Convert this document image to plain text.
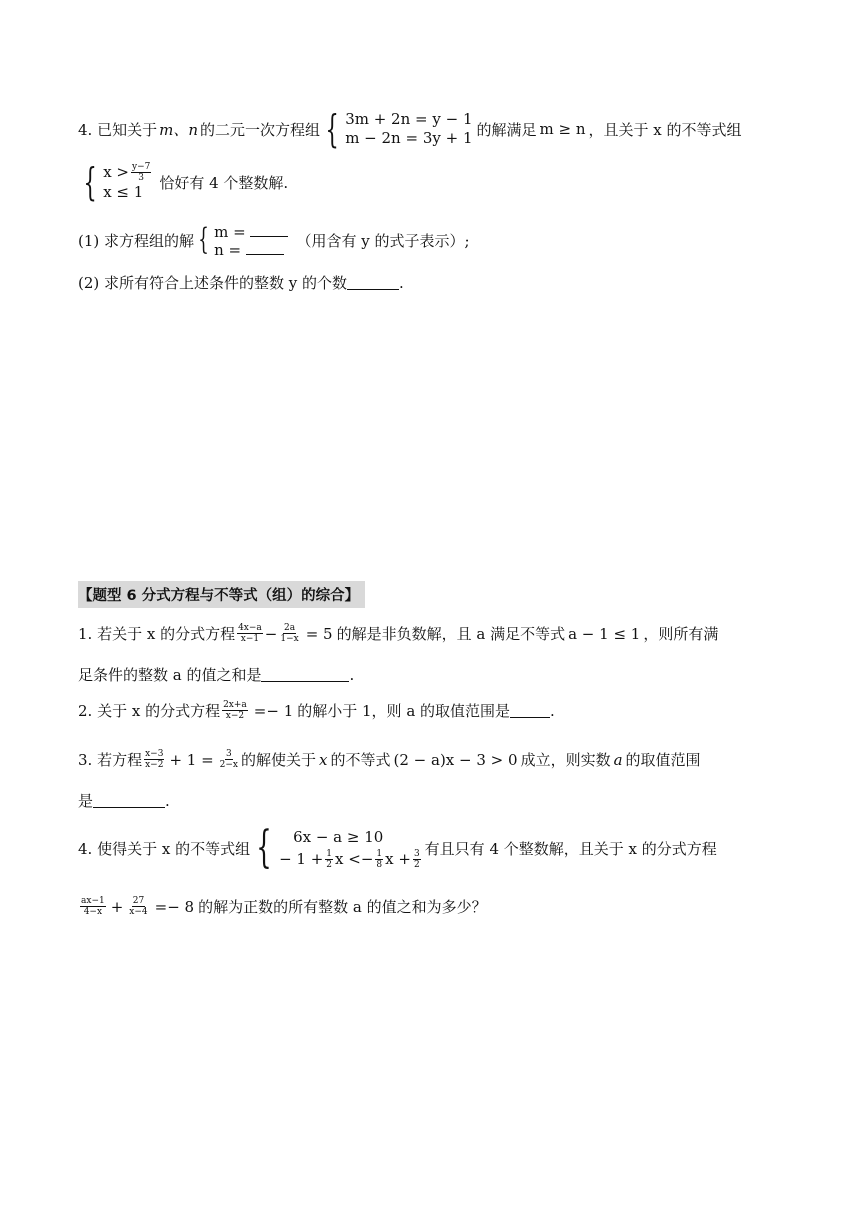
4. 已知关于 m、n 的二元一次方程组 { 3m + 2n = y − 1
m − 2n = 3y + 1 的解满足 m ≥ n ，且关于 x 的不等式组
{ $x > \frac{y-7}{3}$
x ≤ 1
恰好有 4 个整数解.
(1) 求方程组的解 { m =
n =
（用含有 y 的式子表示）;
(2) 求所有符合上述条件的整数 y 的个数	.
【题型 6 分式方程与不等式（组）的综合】
1. 若关于 x 的分式方程 $\frac{4x-a}{x-1} - \frac{2a}{1-x} = 5$ 的解是非负数解，且 a 满足不等式 a − 1 ≤ 1 ，则所有满
足条件的整数 a 的值之和是	.
2. 关于 x 的分式方程 $\frac{2x+a}{x-2} =- 1$ 的解小于 1，则 a 的取值范围是	.
3. 若方程 $\frac{x-3}{x-2} + 1 = \frac{3}{2-x}$ 的解使关于 x 的不等式 (2 − a)x − 3 > 0 成立，则实数 a 的取值范围
是	.
4. 使得关于 x 的不等式组 {	6x − a ≥ 10
− $1 + \frac{1}{2}$ $x <- \frac{1}{8}$ $x + \frac{3}{2}$ 有且只有 4 个整数解，且关于 x 的分式方程
$\frac{ax-1}{4-x} + \frac{27}{x-4} =- 8$ 的解为正数的所有整数 a 的值之和为多少？
